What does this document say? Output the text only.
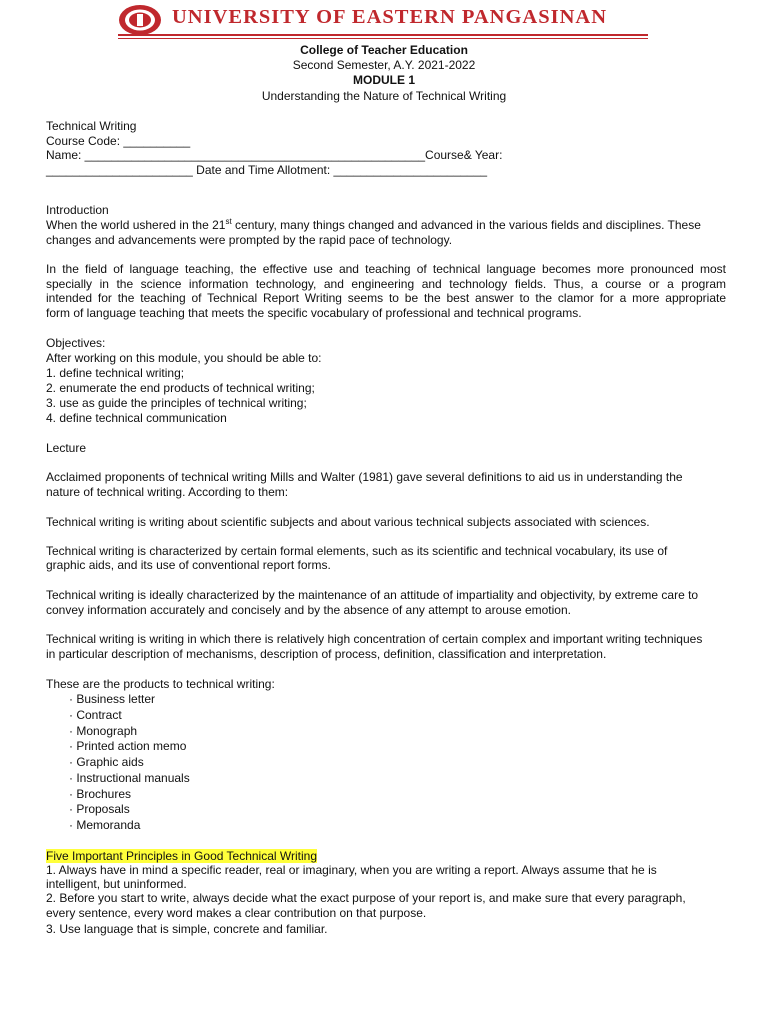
UNIVERSITY OF EASTERN PANGASINAN
College of Teacher Education
Second Semester, A.Y. 2021-2022
MODULE 1
Understanding the Nature of Technical Writing
Technical Writing
Course Code: __________
Name: ___________________________________________________Course& Year:
______________________ Date and Time Allotment: _______________________
Introduction
When the world ushered in the 21st century, many things changed and advanced in the various fields and disciplines. These
changes and advancements were prompted by the rapid pace of technology.
In the field of language teaching, the effective use and teaching of technical language becomes more pronounced most
specially in the science information technology, and engineering and technology fields. Thus, a course or a program
intended for the teaching of Technical Report Writing seems to be the best answer to the clamor for a more appropriate
form of language teaching that meets the specific vocabulary of professional and technical programs.
Objectives:
After working on this module, you should be able to:
1. define technical writing;
2. enumerate the end products of technical writing;
3. use as guide the principles of technical writing;
4. define technical communication
Lecture
Acclaimed proponents of technical writing Mills and Walter (1981) gave several definitions to aid us in understanding the
nature of technical writing. According to them:
Technical writing is writing about scientific subjects and about various technical subjects associated with sciences.
Technical writing is characterized by certain formal elements, such as its scientific and technical vocabulary, its use of
graphic aids, and its use of conventional report forms.
Technical writing is ideally characterized by the maintenance of an attitude of impartiality and objectivity, by extreme care to
convey information accurately and concisely and by the absence of any attempt to arouse emotion.
Technical writing is writing in which there is relatively high concentration of certain complex and important writing techniques
in particular description of mechanisms, description of process, definition, classification and interpretation.
These are the products to technical writing:
· Business letter
· Contract
· Monograph
· Printed action memo
· Graphic aids
· Instructional manuals
· Brochures
· Proposals
· Memoranda
Five Important Principles in Good Technical Writing
1. Always have in mind a specific reader, real or imaginary, when you are writing a report. Always assume that he is
intelligent, but uninformed.
2. Before you start to write, always decide what the exact purpose of your report is, and make sure that every paragraph,
every sentence, every word makes a clear contribution on that purpose.
3. Use language that is simple, concrete and familiar.
